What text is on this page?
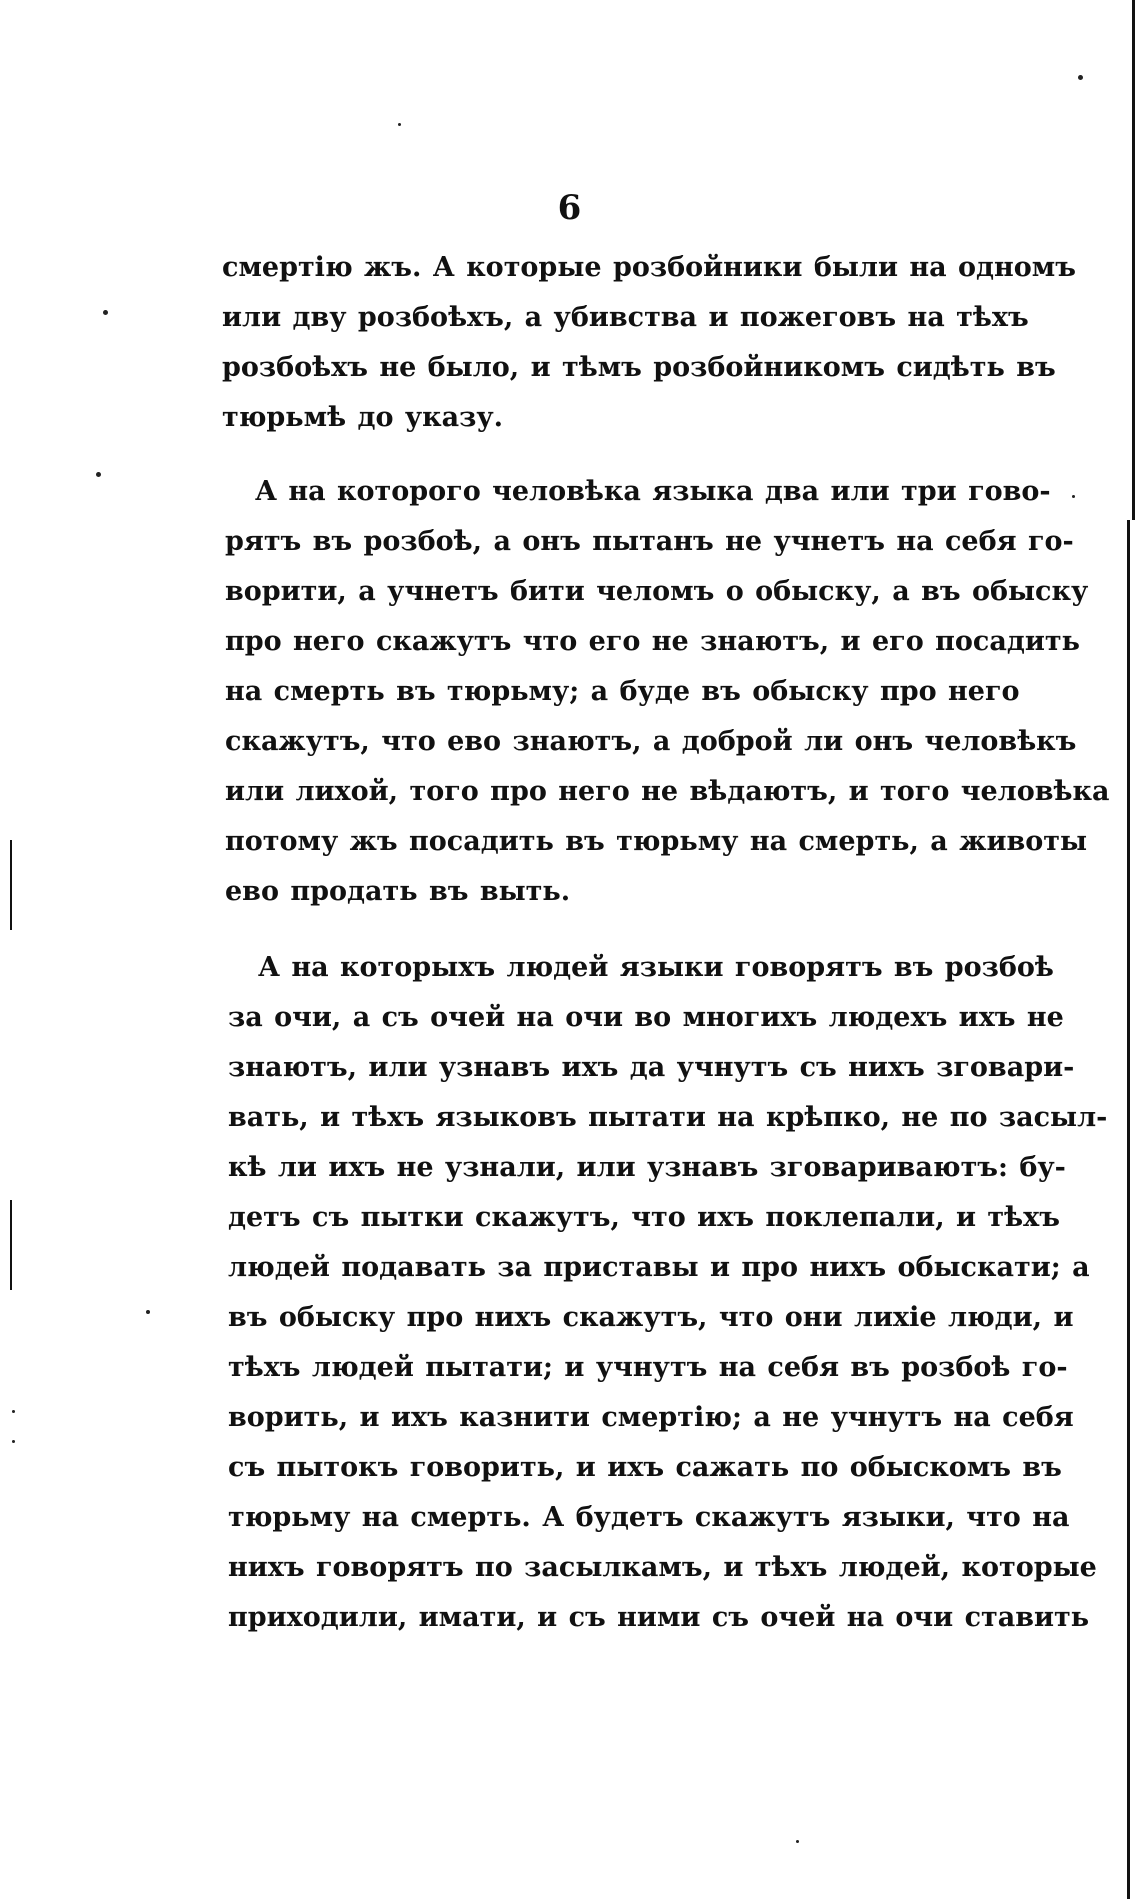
6
смертію жъ. А которые розбойники были на одномъ
или дву розбоѣхъ, а убивства и пожеговъ на тѣхъ
розбоѣхъ не было, и тѣмъ розбойникомъ сидѣть въ
тюрьмѣ до указу.
А на которого человѣка языка два или три гово-
рятъ въ розбоѣ, а онъ пытанъ не учнетъ на себя го-
ворити, а учнетъ бити челомъ о обыску, а въ обыску
про него скажутъ что его не знаютъ, и его посадить
на смерть въ тюрьму; а буде въ обыску про него
скажутъ, что ево знаютъ, а доброй ли онъ человѣкъ
или лихой, того про него не вѣдаютъ, и того человѣка
потому жъ посадить въ тюрьму на смерть, а животы
ево продать въ выть.
А на которыхъ людей языки говорятъ въ розбоѣ
за очи, а съ очей на очи во многихъ людехъ ихъ не
знаютъ, или узнавъ ихъ да учнутъ съ нихъ зговари-
вать, и тѣхъ языковъ пытати на крѣпко, не по засыл-
кѣ ли ихъ не узнали, или узнавъ зговариваютъ: бу-
детъ съ пытки скажутъ, что ихъ поклепали, и тѣхъ
людей подавать за приставы и про нихъ обыскати; а
въ обыску про нихъ скажутъ, что они лихіе люди, и
тѣхъ людей пытати; и учнутъ на себя въ розбоѣ го-
ворить, и ихъ казнити смертію; а не учнутъ на себя
съ пытокъ говорить, и ихъ сажать по обыскомъ въ
тюрьму на смерть. А будетъ скажутъ языки, что на
нихъ говорятъ по засылкамъ, и тѣхъ людей, которые
приходили, имати, и съ ними съ очей на очи ставить
